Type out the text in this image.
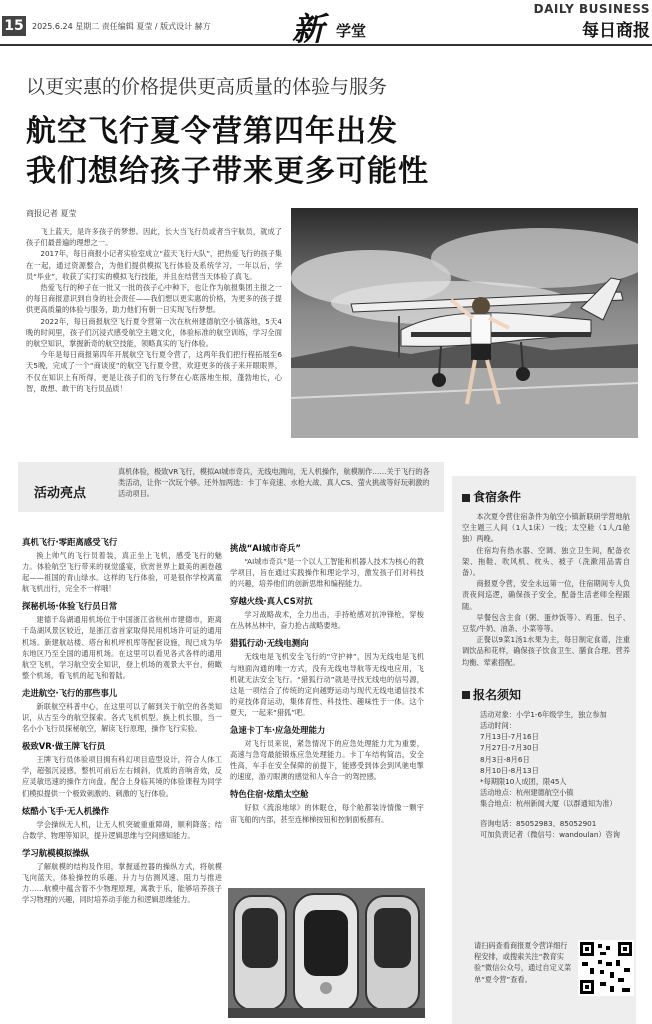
15 2025.6.24 星期二 责任编辑 夏莹 / 版式设计 赫方	新 学堂
DAILY BUSINESS
每日商报
以更实惠的价格提供更高质量的体验与服务
航空飞行夏令营第四年出发
我们想给孩子带来更多可能性
商报记者 夏莹

飞上蓝天，是许多孩子的梦想。因此，长大当飞行员或者当宇航员，就成了孩子们最普遍的理想之一。

2017年，每日商报小记者实验室成立“蓝天飞行大队”，把热爱飞行的孩子集在一起，通过资源整合，为他们提供模拟飞行体验及系统学习，一年以后，学员“毕业”，收获了实打实的模拟飞行技能，并且在结营当天体验了真飞。

热爱飞行的种子在一批又一批的孩子心中种下，也让作为航报集团主报之一的每日商报意识到自身的社会责任——我们想以更实惠的价格，为更多的孩子提供更高质量的体验与服务，助力他们有朝一日实现飞行梦想。

2022年，每日商报航空飞行夏令营第一次在杭州建德航空小镇落地，5天4晚的时间里，孩子们沉浸式感受航空主题文化，体验标准的航空训练，学习全面的航空知识，掌握新奇的航空技能，领略真实的飞行体验。

今年是每日商报第四年开展航空飞行夏令营了，这两年我们把行程拓展至6天5晚，完成了一个“商谈度”的航空飞行夏令营，欢迎更多的孩子来开眼眼界，不仅在知识上有所得，更是让孩子们的飞行梦在心底落地生根，蓬勃地长，心智，敢想、敢干的飞行员品质！

活动亮点
真机体验，极致VR飞行，模拟AI城市奇兵，无线电测向，无人机操作，航模制作……关于飞行的各类活动，让你一次玩个够。还外加两选：卡丁车竞速、水枪大战、真人CS、萤火挑战等好玩刺激的活动项目。
真机飞行·零距离感受飞行

换上帅气的飞行员着装，真正坐上飞机，感受飞行的魅力。体验航空飞行带来的视觉盛宴，欣赏世界上最美的画卷越起——祖国的青山绿水。这样的飞行体验，可是很你学校离童航飞机出行，完全不一样哦！

探秘机场·体验飞行员日常

建德千岛湖通用机场位于中国浙江省杭州市建德市，距离千岛湖风景区较近，是浙江省首家取得民用机场许可证的通用机场。新建航站楼、塔台和机坪机库等配套设施，现已成为华东地区乃至全国的通用机场。在这里可以看见各式各样的通用航空飞机，学习航空安全知识，登上机场的观景大平台，俯瞰整个机场，看飞机的起飞和着陆。

走进航空·飞行的那些事儿

新联航空科普中心，在这里可以了解到关于航空的各类知识，从古至今的航空探索。各式飞机机型。换上机长服，当一名小小飞行员探秘航空，解读飞行原理，操作飞行实验。

极致VR·做王牌飞行员

王牌飞行员体验项目拥有科幻项目造型设计，符合人体工学，超强沉浸感，整机可前后左右倾斜，优质的音响音效，反应灵敏迅速的操作方向盘。配合上身临其境的体验课程为同学们模拟提供一个极致刺激的、刺激的飞行体验。

炫酷小飞手·无人机操作

学会操纵无人机，让无人机突破重重障碍，顺利降落；结合数学、物理等知识，提升逻辑思维与空间感知能力。

学习航模模拟操纵

了解航模的结构及作用，掌握遥控器的操纵方式，将航模飞向蓝天，体验操控的乐趣。升力与估测风速、阻力与推进力……航模中蕴含着不少物理原理，寓教于乐，能够培养孩子学习物理的兴趣，同时培养动手能力和逻辑思维能力。

挑战“AI城市奇兵”

“AI城市奇兵”是一个以人工智能和机器人技术为核心的教学项目，旨在通过实践操作和理论学习，激发孩子们对科技的兴趣，培养他们的创新思维和编程能力。

穿越火线·真人CS对抗

学习战略战术，全力出击，手持枪感对抗冲锋枪，穿梭在丛林丛林中，奋力抢占战略要地。

猎狐行动·无线电测向

无线电是飞机安全飞行的“守护神”，因为无线电是飞机与地面沟通的唯一方式，没有无线电导航等无线电应用，飞机就无法安全飞行。“猎狐行动”就是寻找无线电的信号源，这是一项结合了传统的定向越野运动与现代无线电通信技术的竞技体育运动，集体育性、科技性、趣味性于一体。这个夏天，一起来“猎狐”吧。

急速卡丁车·应急处理能力

对飞行员来说，紧急情况下的应急处理能力尤为重要，高速与急弯最能锻炼应急处理能力。卡丁车结构简洁，安全性高，车手在安全保障的前提下，能感受到体会到风驰电掣的速度，游刃眼澳的感觉和人车合一的驾控感。

特色住宿·炫酷太空舱

好似《流浪地球》的休眠仓，每个舱都装诗情像一颗宇宙飞船的内部，甚至连梯梯按钮和控制面板都有。

食宿条件

本次夏令营住宿条件为航空小镇新联研学营地航空主题三人间（1人1床）一线；太空舱（1人/1舱独）两晚。

住宿均有热水器、空调、独立卫生间，配备衣架、拖鞋、吹风机、枕头、被子（洗漱用品需自备）。

商报夏令营，安全永远第一位，住宿期间专人负责夜间巡逻，确保孩子安全，配备生活老师全程跟随。

早餐包含主食（粥、蛋炒饭等）、鸡蛋、包子、豆浆/牛奶、油条、小菜等等。

正餐以9菜1汤1水果为主，每日制定食谱，注重调饮品和花样，确保孩子饮食卫生、膳食合理、营养均衡、荤素搭配。

报名须知
活动对象：小学1-6年级学生，独立参加
活动时间：
7月13日-7月16日
7月27日-7月30日
8月3日-8月6日
8月10日-8月13日
*每期限10人成团，限45人
活动地点：杭州建德航空小镇
集合地点：杭州新闻大厦（以群通知为准）
咨询电话：85052983、85052901
可加负责记者（微信号：wandoulan）咨询
请扫码查看商报夏令营详细行程安排，或搜索关注“教育实验”微信公众号，通过自定义菜单“夏令营”查看。
